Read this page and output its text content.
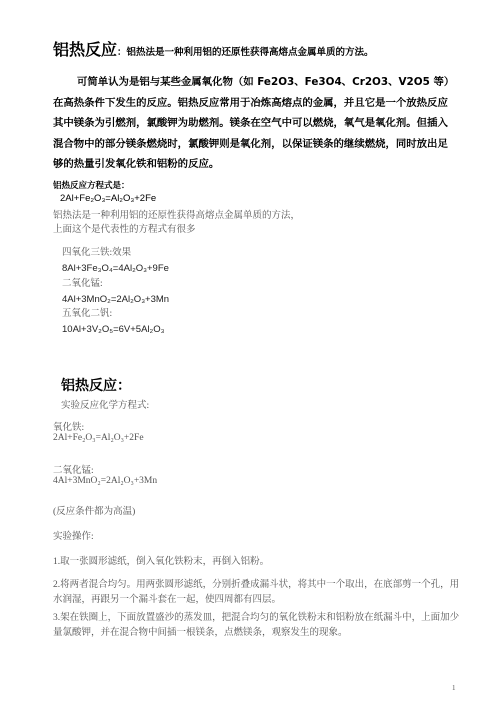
铝热反应：铝热法是一种利用铝的还原性获得高熔点金属单质的方法。

可简单认为是铝与某些金属氧化物（如 Fe2O3、Fe3O4、Cr2O3、V2O5 等）在高热条件下发生的反应。铝热反应常用于冶炼高熔点的金属，并且它是一个放热反应其中镁条为引燃剂，氯酸钾为助燃剂。镁条在空气中可以燃烧，氧气是氧化剂。但插入混合物中的部分镁条燃烧时，氯酸钾则是氧化剂，以保证镁条的继续燃烧，同时放出足够的热量引发氧化铁和铝粉的反应。

铝热反应方程式是：
2Al+Fe₂O₃=Al₂O₃+2Fe
铝热法是一种利用铝的还原性获得高熔点金属单质的方法，
上面这个是代表性的方程式有很多
四氧化三铁:效果
8Al+3Fe₃O₄=4Al₂O₃+9Fe
二氧化锰:
4Al+3MnO₂=2Al₂O₃+3Mn
五氧化二钒:
10Al+3V₂O₅=6V+5Al₂O₃
铝热反应：
实验反应化学方程式:
氧化铁:
2Al+Fe₂O₃=Al₂O₃+2Fe
二氧化锰:
4Al+3MnO₂=2Al₂O₃+3Mn
(反应条件都为高温)
实验操作:
1.取一张圆形滤纸，倒入氧化铁粉末，再倒入铝粉。
2.将两者混合均匀。用两张圆形滤纸，分别折叠成漏斗状，将其中一个取出，在底部剪一个孔，用水润湿，再跟另一个漏斗套在一起，使四周都有四层。
3.架在铁圈上，下面放置盛沙的蒸发皿，把混合均匀的氧化铁粉末和铝粉放在纸漏斗中，上面加少量氯酸钾，并在混合物中间插一根镁条，点燃镁条，观察发生的现象。
1
